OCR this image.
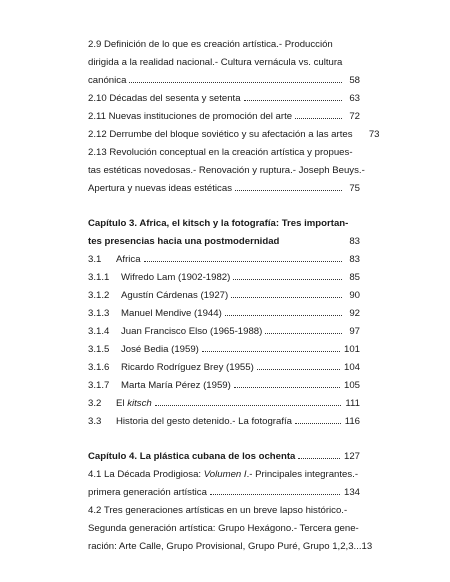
2.9 Definición de lo que es creación artística.- Producción
dirigida a la realidad nacional.- Cultura vernácula vs. cultura
canónica	58
2.10 Décadas del sesenta y setenta	63
2.11 Nuevas instituciones de promoción del arte	72
2.12 Derrumbe del bloque soviético y su afectación a las artes	73
2.13 Revolución conceptual en la creación artística y propues-
tas estéticas novedosas.- Renovación y ruptura.- Joseph Beuys.-
Apertura y nuevas ideas estéticas	75
Capítulo 3. Africa, el kitsch y la fotografía: Tres importan-
tes presencias hacia una postmodernidad	83
3.1	Africa	83
3.1.1	Wifredo Lam (1902-1982)	85
3.1.2	Agustín Cárdenas (1927)	90
3.1.3	Manuel Mendive (1944)	92
3.1.4	Juan Francisco Elso (1965-1988)	97
3.1.5	José Bedia (1959)	101
3.1.6	Ricardo Rodríguez Brey (1955)	104
3.1.7	Marta María Pérez (1959)	105
3.2	El kitsch	111
3.3	Historia del gesto detenido.- La fotografía	116
Capítulo 4. La plástica cubana de los ochenta	127
4.1 La Década Prodigiosa: Volumen I.- Principales integrantes.-
primera generación artística	134
4.2 Tres generaciones artísticas en un breve lapso histórico.-
Segunda generación artística: Grupo Hexágono.- Tercera gene-
ración: Arte Calle, Grupo Provisional, Grupo Puré, Grupo 1,2,3...13
